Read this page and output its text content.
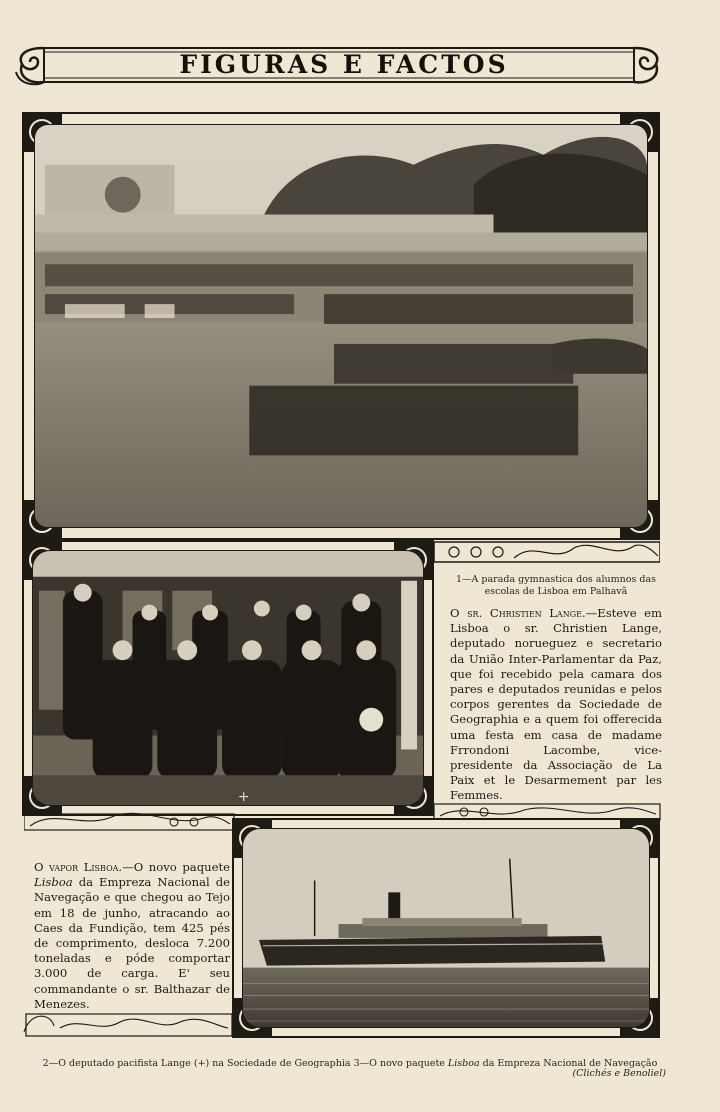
FIGURAS E FACTOS
+
1—A parada gymnastica dos alumnos das escolas de Lisboa em Palhavã
O sr. Christien Lange.—Esteve em Lisboa o sr. Christien Lange, deputado norueguez e secretario da União Inter-Parlamentar da Paz, que foi recebido pela camara dos pares e deputados reunidas e pelos corpos gerentes da Sociedade de Geographia e a quem foi offerecida uma festa em casa de madame Frrondoni Lacombe, vice-presidente da Associação de La Paix et le Desarmement par les Femmes.
O vapor Lisboa.—O novo paquete Lisboa da Empreza Nacional de Navegação e que chegou ao Tejo em 18 de junho, atracando ao Caes da Fundição, tem 425 pés de comprimento, desloca 7.200 toneladas e póde comportar 3.000 de carga. E' seu commandante o sr. Balthazar de Menezes.
2—O deputado pacifista Lange (+) na Sociedade de Geographia 3—O novo paquete Lisboa da Empreza Nacional de Navegação
(Clichés e Benoliel)
